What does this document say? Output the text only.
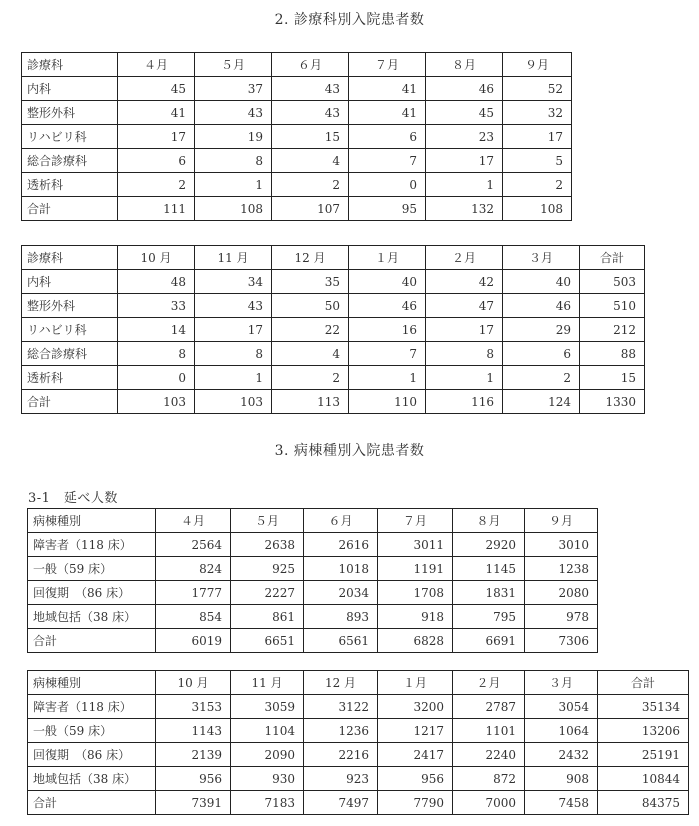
2. 診療科別入院患者数
診療科	４月	５月	６月	７月	８月	９月
内科	45	37	43	41	46	52
整形外科	41	43	43	41	45	32
リハビリ科	17	19	15	6	23	17
総合診療科	6	8	4	7	17	5
透析科	2	1	2	0	1	2
合計	111	108	107	95	132	108
診療科	10 月	11 月	12 月	１月	２月	３月	合計
内科	48	34	35	40	42	40	503
整形外科	33	43	50	46	47	46	510
リハビリ科	14	17	22	16	17	29	212
総合診療科	8	8	4	7	8	6	88
透析科	0	1	2	1	1	2	15
合計	103	103	113	110	116	124	1330
3. 病棟種別入院患者数
3-1　延べ人数
病棟種別	４月	５月	６月	７月	８月	９月
障害者（118 床）	2564	2638	2616	3011	2920	3010
一般（59 床）	824	925	1018	1191	1145	1238
回復期　（86 床）	1777	2227	2034	1708	1831	2080
地域包括（38 床）	854	861	893	918	795	978
合計	6019	6651	6561	6828	6691	7306
病棟種別	10 月	11 月	12 月	１月	２月	３月	合計
障害者（118 床）	3153	3059	3122	3200	2787	3054	35134
一般（59 床）	1143	1104	1236	1217	1101	1064	13206
回復期　（86 床）	2139	2090	2216	2417	2240	2432	25191
地域包括（38 床）	956	930	923	956	872	908	10844
合計	7391	7183	7497	7790	7000	7458	84375
